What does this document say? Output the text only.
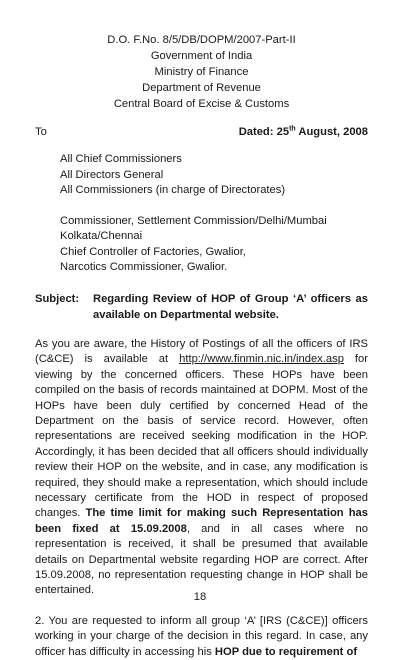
D.O. F.No. 8/5/DB/DOPM/2007-Part-II
Government of India
Ministry of Finance
Department of Revenue
Central Board of Excise & Customs
To	Dated: 25th August, 2008
All Chief Commissioners
All Directors General
All Commissioners (in charge of Directorates)
Commissioner, Settlement Commission/Delhi/Mumbai
Kolkata/Chennai
Chief Controller of Factories, Gwalior,
Narcotics Commissioner, Gwalior.
Subject:	Regarding Review of HOP of Group ‘A’ officers as available on Departmental website.
As you are aware, the History of Postings of all the officers of IRS (C&CE) is available at http://www.finmin.nic.in/index.asp for viewing by the concerned officers. These HOPs have been compiled on the basis of records maintained at DOPM. Most of the HOPs have been duly certified by concerned Head of the Department on the basis of service record. However, often representations are received seeking modification in the HOP. Accordingly, it has been decided that all officers should individually review their HOP on the website, and in case, any modification is required, they should make a representation, which should include necessary certificate from the HOD in respect of proposed changes. The time limit for making such Representation has been fixed at 15.09.2008, and in all cases where no representation is received, it shall be presumed that available details on Departmental website regarding HOP are correct. After 15.09.2008, no representation requesting change in HOP shall be entertained.
2. You are requested to inform all group ‘A’ [IRS (C&CE)] officers working in your charge of the decision in this regard. In case, any officer has difficulty in accessing his HOP due to requirement of
18
